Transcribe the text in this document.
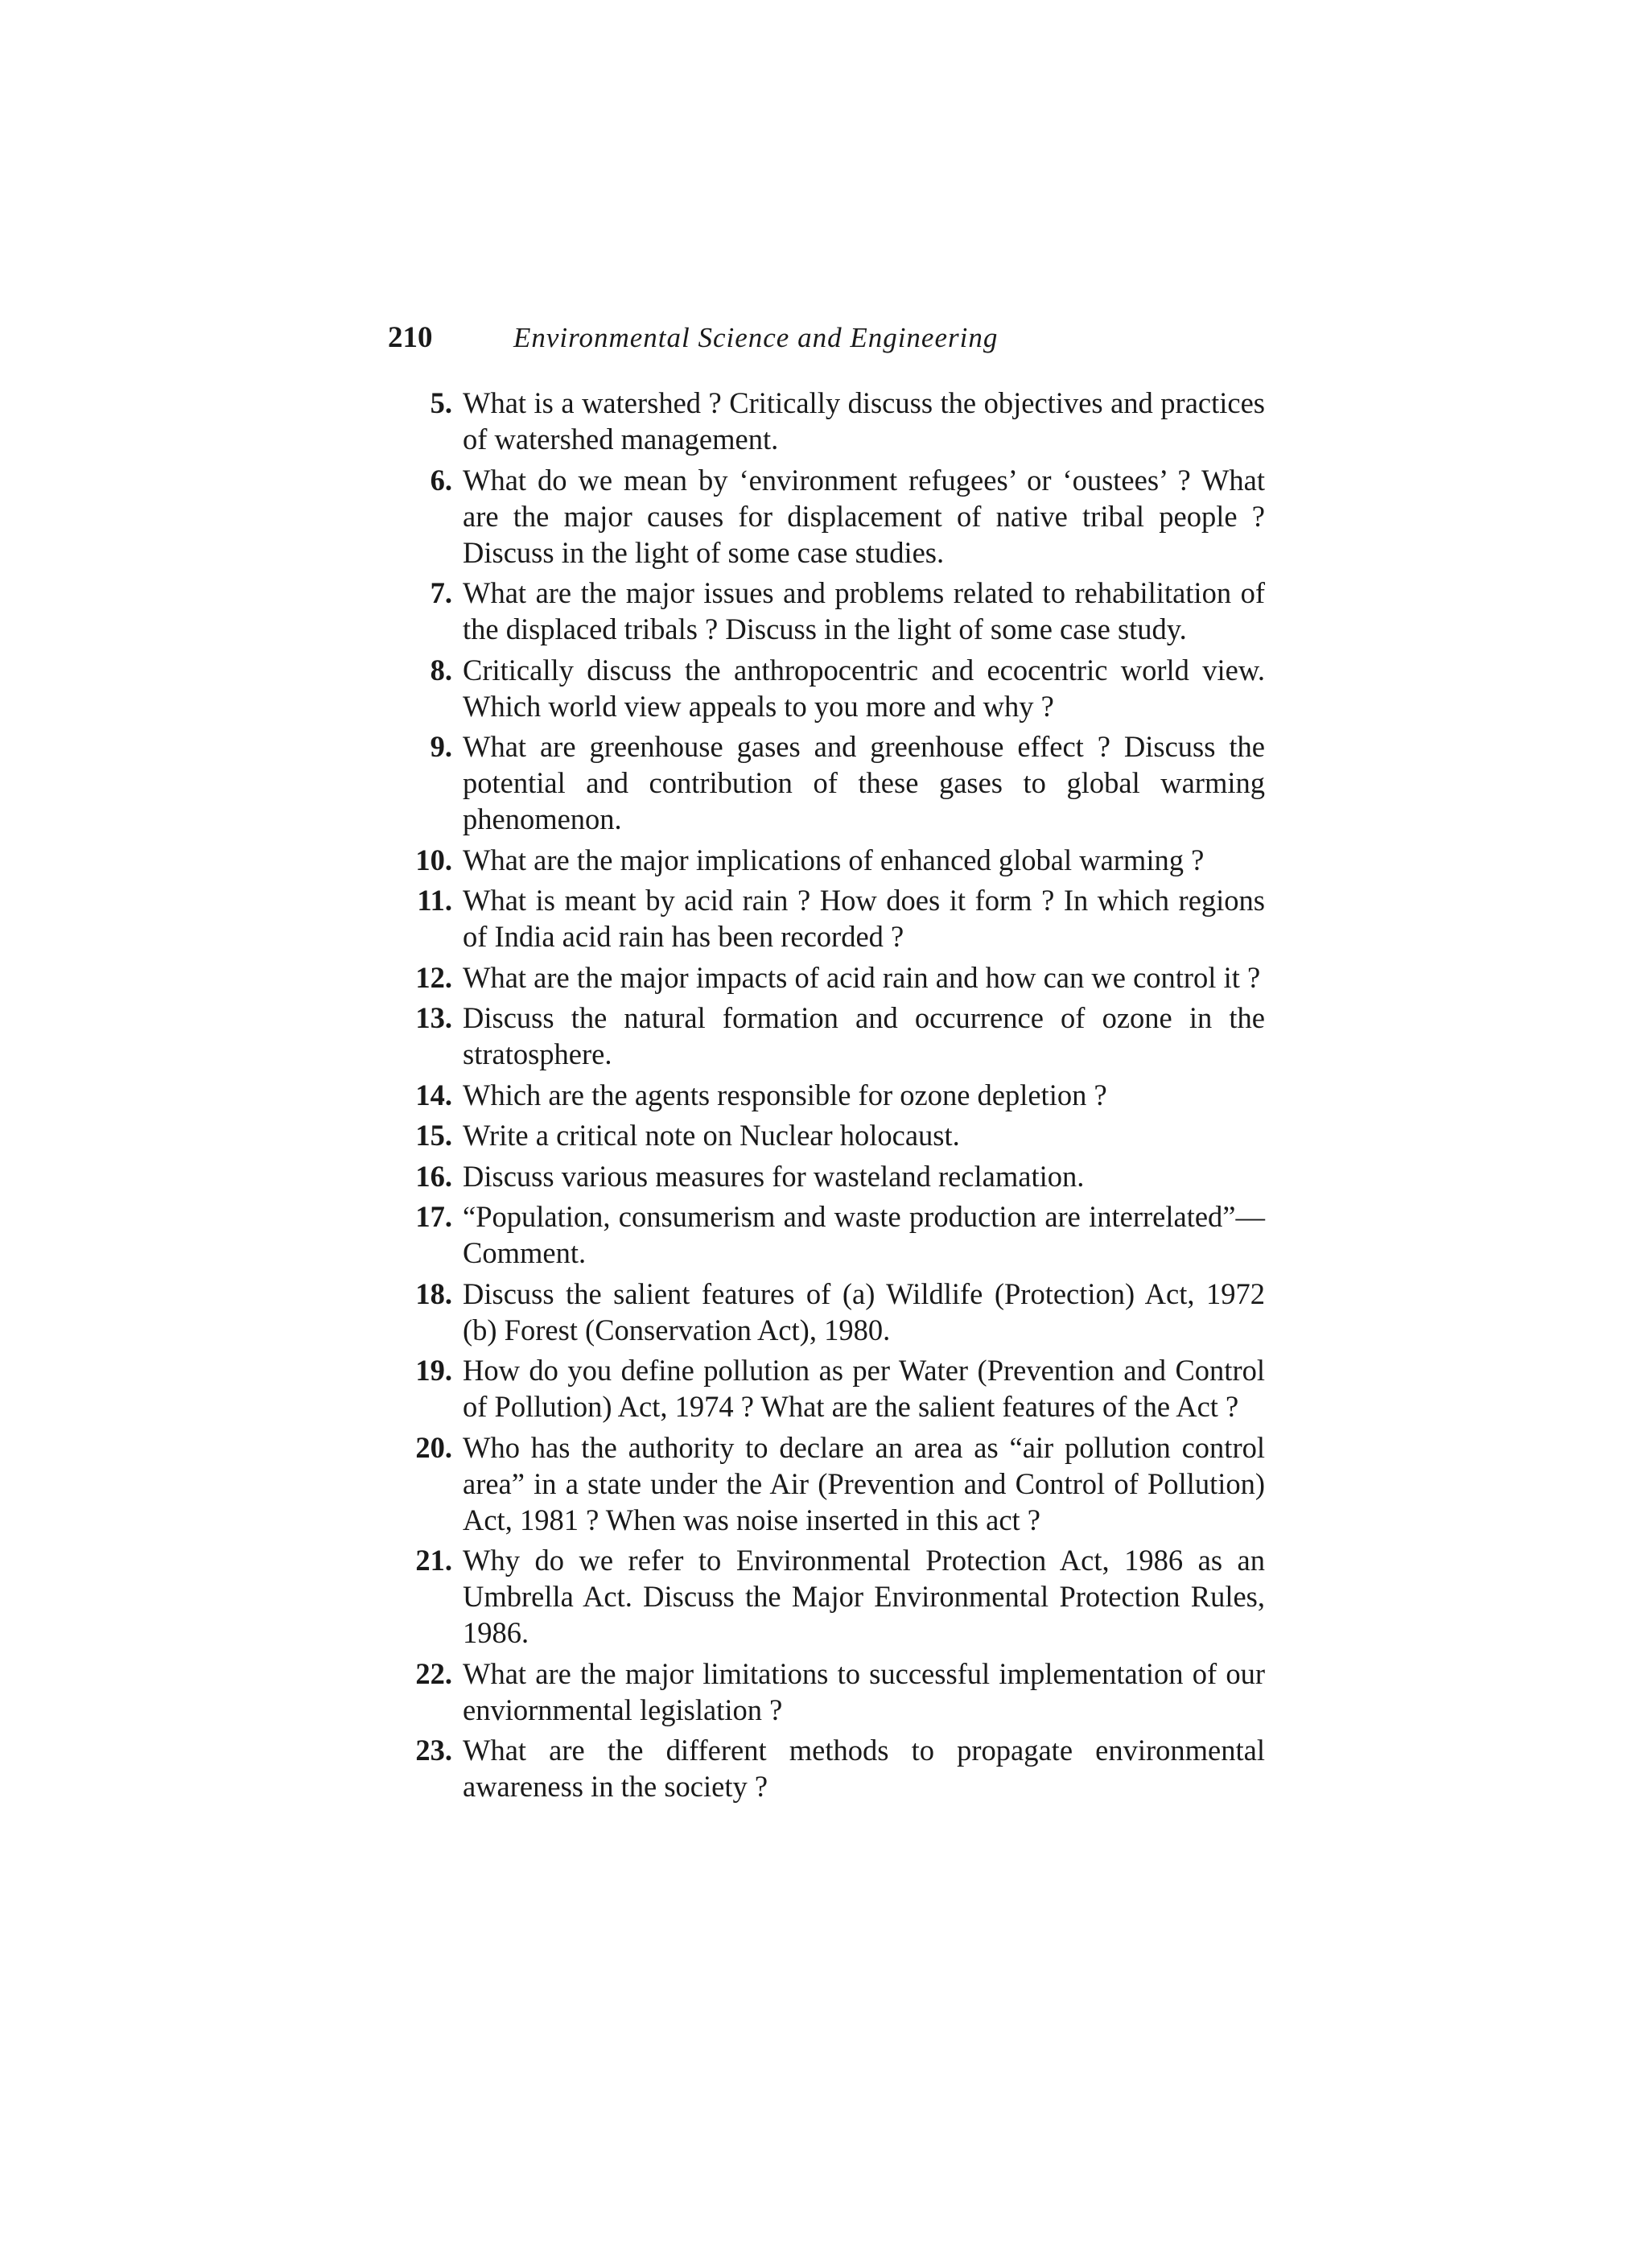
210	Environmental Science and Engineering
5. What is a watershed ? Critically discuss the objectives and practices of watershed management.
6. What do we mean by ‘environment refugees’ or ‘oustees’ ? What are the major causes for displacement of native tribal people ? Discuss in the light of some case studies.
7. What are the major issues and problems related to rehabilitation of the displaced tribals ? Discuss in the light of some case study.
8. Critically discuss the anthropocentric and ecocentric world view. Which world view appeals to you more and why ?
9. What are greenhouse gases and greenhouse effect ? Discuss the potential and contribution of these gases to global warming phenomenon.
10. What are the major implications of enhanced global warming ?
11. What is meant by acid rain ? How does it form ? In which regions of India acid rain has been recorded ?
12. What are the major impacts of acid rain and how can we control it ?
13. Discuss the natural formation and occurrence of ozone in the stratosphere.
14. Which are the agents responsible for ozone depletion ?
15. Write a critical note on Nuclear holocaust.
16. Discuss various measures for wasteland reclamation.
17. “Population, consumerism and waste production are interrelated”—Comment.
18. Discuss the salient features of (a) Wildlife (Protection) Act, 1972 (b) Forest (Conservation Act), 1980.
19. How do you define pollution as per Water (Prevention and Control of Pollution) Act, 1974 ? What are the salient features of the Act ?
20. Who has the authority to declare an area as “air pollution control area” in a state under the Air (Prevention and Control of Pollution) Act, 1981 ? When was noise inserted in this act ?
21. Why do we refer to Environmental Protection Act, 1986 as an Umbrella Act. Discuss the Major Environmental Protection Rules, 1986.
22. What are the major limitations to successful implementation of our enviornmental legislation ?
23. What are the different methods to propagate environmental awareness in the society ?
